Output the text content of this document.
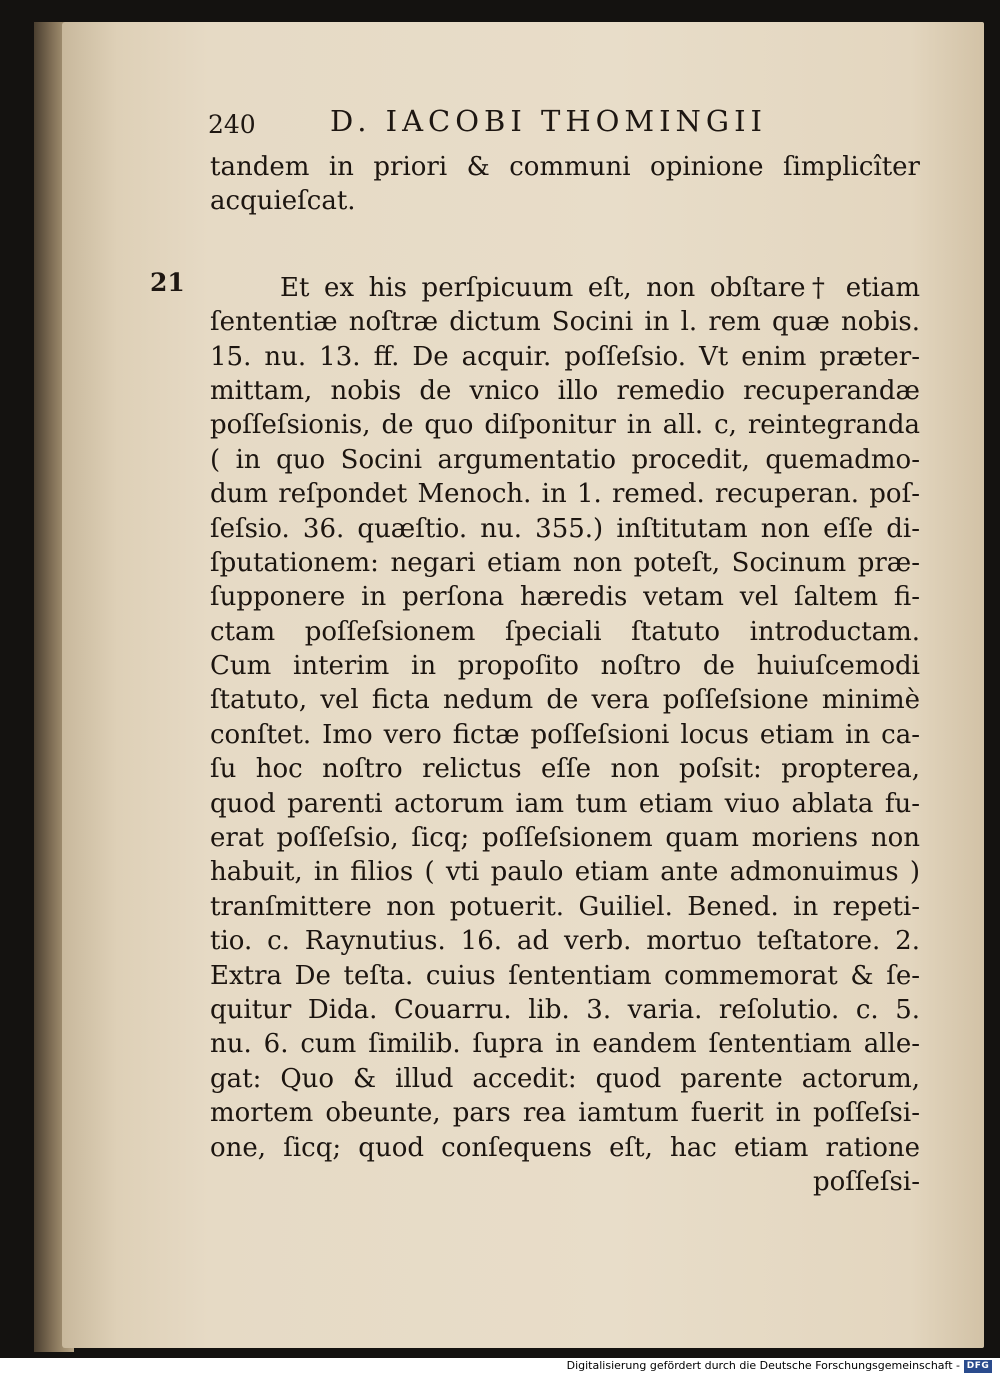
240	D. IACOBI THOMINGII
21
tandem in priori & communi opinione ſimplicîter
acquieſcat.
Et ex his perſpicuum eſt, non obſtare† etiam
ſententiæ noſtræ dictum Socini in l. rem quæ nobis.
15. nu. 13. ff. De acquir. poſſeſsio. Vt enim præter-
mittam, nobis de vnico illo remedio recuperandæ
poſſeſsionis, de quo diſponitur in all. c, reintegranda
( in quo Socini argumentatio procedit, quemadmo-
dum reſpondet Menoch. in 1. remed. recuperan. poſ-
ſeſsio. 36. quæſtio. nu. 355.) inſtitutam non eſſe di-
ſputationem: negari etiam non poteſt, Socinum præ-
ſupponere in perſona hæredis vetam vel ſaltem fi-
ctam poſſeſsionem ſpeciali ſtatuto introductam.
Cum interim in propoſito noſtro de huiuſcemodi
ſtatuto, vel ficta nedum de vera poſſeſsione minimè
conſtet. Imo vero fictæ poſſeſsioni locus etiam in ca-
ſu hoc noſtro relictus eſſe non poſsit: propterea,
quod parenti actorum iam tum etiam viuo ablata fu-
erat poſſeſsio, ſicq; poſſeſsionem quam moriens non
habuit, in filios ( vti paulo etiam ante admonuimus )
tranſmittere non potuerit. Guiliel. Bened. in repeti-
tio. c. Raynutius. 16. ad verb. mortuo teſtatore. 2.
Extra De teſta. cuius ſententiam commemorat & ſe-
quitur Dida. Couarru. lib. 3. varia. reſolutio. c. 5.
nu. 6. cum ſimilib. ſupra in eandem ſententiam alle-
gat: Quo & illud accedit: quod parente actorum,
mortem obeunte, pars rea iamtum fuerit in poſſeſsi-
one, ſicq; quod conſequens eſt, hac etiam ratione
poſſeſsi-
Digitalisierung gefördert durch die Deutsche Forschungsgemeinschaft - DFG
